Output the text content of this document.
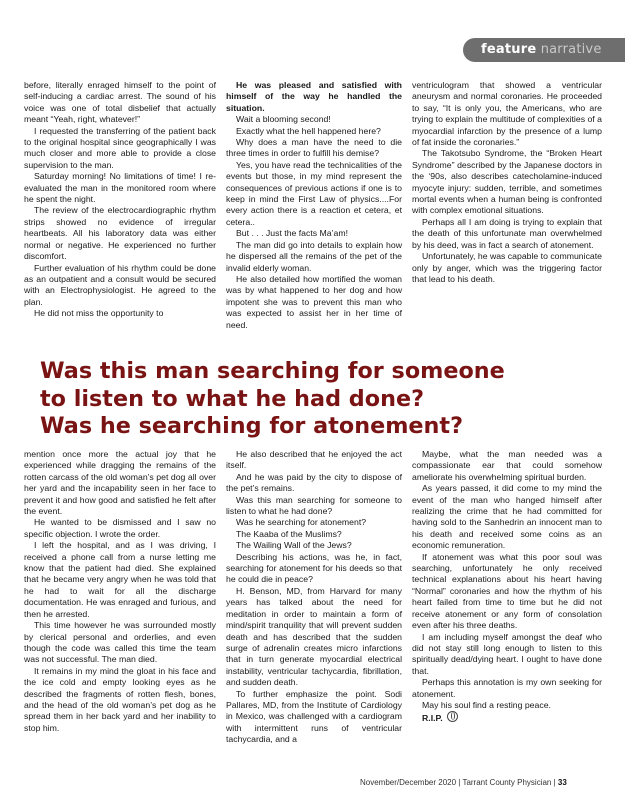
feature narrative

before, literally enraged himself to the point of self-inducing a cardiac arrest. The sound of his voice was one of total disbelief that actually meant “Yeah, right, whatever!”

I requested the transferring of the patient back to the original hospital since geographically I was much closer and more able to provide a close supervision to the man.

Saturday morning! No limitations of time! I re-evaluated the man in the monitored room where he spent the night.

The review of the electrocardiographic rhythm strips showed no evidence of irregular heartbeats. All his laboratory data was either normal or negative. He experienced no further discomfort.

Further evaluation of his rhythm could be done as an outpatient and a consult would be secured with an Electrophysiologist. He agreed to the plan.

He did not miss the opportunity to

He was pleased and satisfied with himself of the way he handled the situation.

Wait a blooming second!

Exactly what the hell happened here?

Why does a man have the need to die three times in order to fulfill his demise?

Yes, you have read the technicalities of the events but those, in my mind represent the consequences of previous actions if one is to keep in mind the First Law of physics....For every action there is a reaction et cetera, et cetera..

But . . . Just the facts Ma’am!

The man did go into details to explain how he dispersed all the remains of the pet of the invalid elderly woman.

He also detailed how mortified the woman was by what happened to her dog and how impotent she was to prevent this man who was expected to assist her in her time of need.

ventriculogram that showed a ventricular aneurysm and normal coronaries. He proceeded to say, “It is only you, the Americans, who are trying to explain the multitude of complexities of a myocardial infarction by the presence of a lump of fat inside the coronaries.”

The Takotsubo Syndrome, the “Broken Heart Syndrome” described by the Japanese doctors in the ‘90s, also describes catecholamine-induced myocyte injury: sudden, terrible, and sometimes mortal events when a human being is confronted with complex emotional situations.

Perhaps all I am doing is trying to explain that the death of this unfortunate man overwhelmed by his deed, was in fact a search of atonement.

Unfortunately, he was capable to communicate only by anger, which was the triggering factor that lead to his death.

Was this man searching for someone
to listen to what he had done?
Was he searching for atonement?

mention once more the actual joy that he experienced while dragging the remains of the rotten carcass of the old woman’s pet dog all over her yard and the incapability seen in her face to prevent it and how good and satisfied he felt after the event.

He wanted to be dismissed and I saw no specific objection. I wrote the order.

I left the hospital, and as I was driving, I received a phone call from a nurse letting me know that the patient had died. She explained that he became very angry when he was told that he had to wait for all the discharge documentation. He was enraged and furious, and then he arrested.

This time however he was surrounded mostly by clerical personal and orderlies, and even though the code was called this time the team was not successful. The man died.

It remains in my mind the gloat in his face and the ice cold and empty looking eyes as he described the fragments of rotten flesh, bones, and the head of the old woman’s pet dog as he spread them in her back yard and her inability to stop him.

He also described that he enjoyed the act itself.

And he was paid by the city to dispose of the pet’s remains.

Was this man searching for someone to listen to what he had done?

Was he searching for atonement?

The Kaaba of the Muslims?

The Wailing Wall of the Jews?

Describing his actions, was he, in fact, searching for atonement for his deeds so that he could die in peace?

H. Benson, MD, from Harvard for many years has talked about the need for meditation in order to maintain a form of mind/spirit tranquility that will prevent sudden death and has described that the sudden surge of adrenalin creates micro infarctions that in turn generate myocardial electrical instability, ventricular tachycardia, fibrillation, and sudden death.

To further emphasize the point. Sodi Pallares, MD, from the Institute of Cardiology in Mexico, was challenged with a cardiogram with intermittent runs of ventricular tachycardia, and a

Maybe, what the man needed was a compassionate ear that could somehow ameliorate his overwhelming spiritual burden.

As years passed, it did come to my mind the event of the man who hanged himself after realizing the crime that he had committed for having sold to the Sanhedrin an innocent man to his death and received some coins as an economic remuneration.

If atonement was what this poor soul was searching, unfortunately he only received technical explanations about his heart having “Normal” coronaries and how the rhythm of his heart failed from time to time but he did not receive atonement or any form of consolation even after his three deaths.

I am including myself amongst the deaf who did not stay still long enough to listen to this spiritually dead/dying heart. I ought to have done that.

Perhaps this annotation is my own seeking for atonement.

May his soul find a resting peace.

R.I.P.

November/December 2020 | Tarrant County Physician | 33
